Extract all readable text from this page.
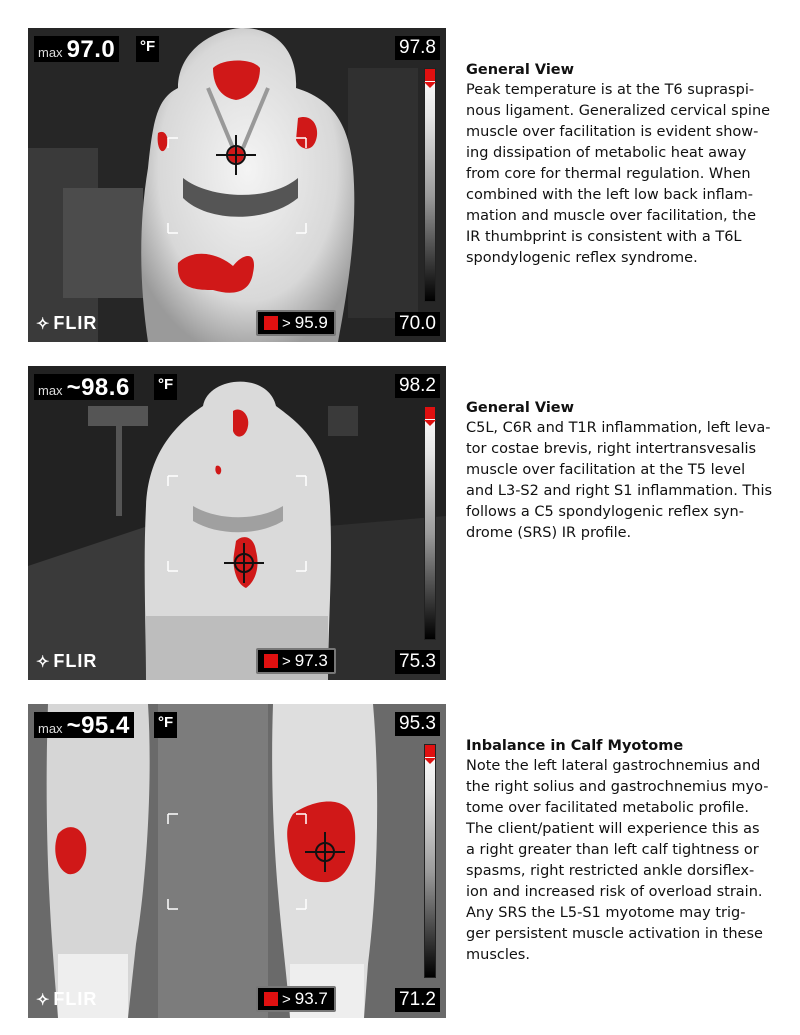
max 97.0 °F	97.8
70.0
✧ FLIR	> 95.9
General View

Peak temperature is at the T6 supraspi-
nous ligament. Generalized cervical spine
muscle over facilitation is evident show-
ing dissipation of metabolic heat away
from core for thermal regulation. When
combined with the left low back inflam-
mation and muscle over facilitation, the
IR thumbprint is consistent with a T6L
spondylogenic reflex syndrome.

max ~98.6 °F	98.2
75.3
✧ FLIR	> 97.3
General View

C5L, C6R and T1R inflammation, left leva-
tor costae brevis, right intertransvesalis
muscle over facilitation at the T5 level
and L3-S2 and right S1 inflammation. This
follows a C5 spondylogenic reflex syn-
drome (SRS) IR profile.

max ~95.4 °F	95.3
71.2
✧ FLIR	> 93.7
Inbalance in Calf Myotome

Note the left lateral gastrochnemius and
the right solius and gastrochnemius myo-
tome over facilitated metabolic profile.
The client/patient will experience this as
a right greater than left calf tightness or
spasms, right restricted ankle dorsiflex-
ion and increased risk of overload strain.
Any SRS the L5-S1 myotome may trig-
ger persistent muscle activation in these
muscles.
